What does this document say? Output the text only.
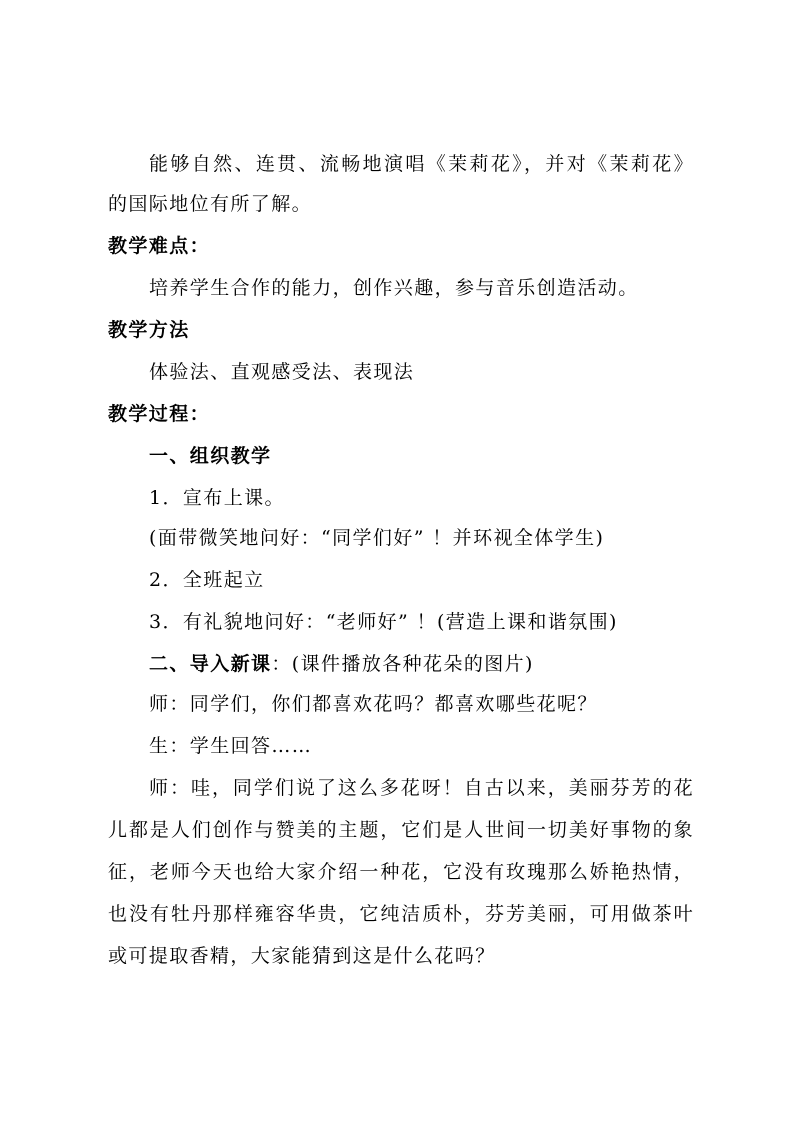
能够自然、连贯、流畅地演唱《茉莉花》，并对《茉莉花》
的国际地位有所了解。
教学难点：
培养学生合作的能力，创作兴趣，参与音乐创造活动。
教学方法
体验法、直观感受法、表现法
教学过程：
一、组织教学
1．宣布上课。
(面带微笑地问好：“同学们好” ！并环视全体学生)
2．全班起立
3．有礼貌地问好：“老师好” ！(营造上课和谐氛围)
二、导入新课：(课件播放各种花朵的图片)
师：同学们，你们都喜欢花吗？都喜欢哪些花呢？
生：学生回答……
师：哇，同学们说了这么多花呀！自古以来，美丽芬芳的花
儿都是人们创作与赞美的主题，它们是人世间一切美好事物的象
征，老师今天也给大家介绍一种花，它没有玫瑰那么娇艳热情，
也没有牡丹那样雍容华贵，它纯洁质朴，芬芳美丽，可用做茶叶
或可提取香精，大家能猜到这是什么花吗？
